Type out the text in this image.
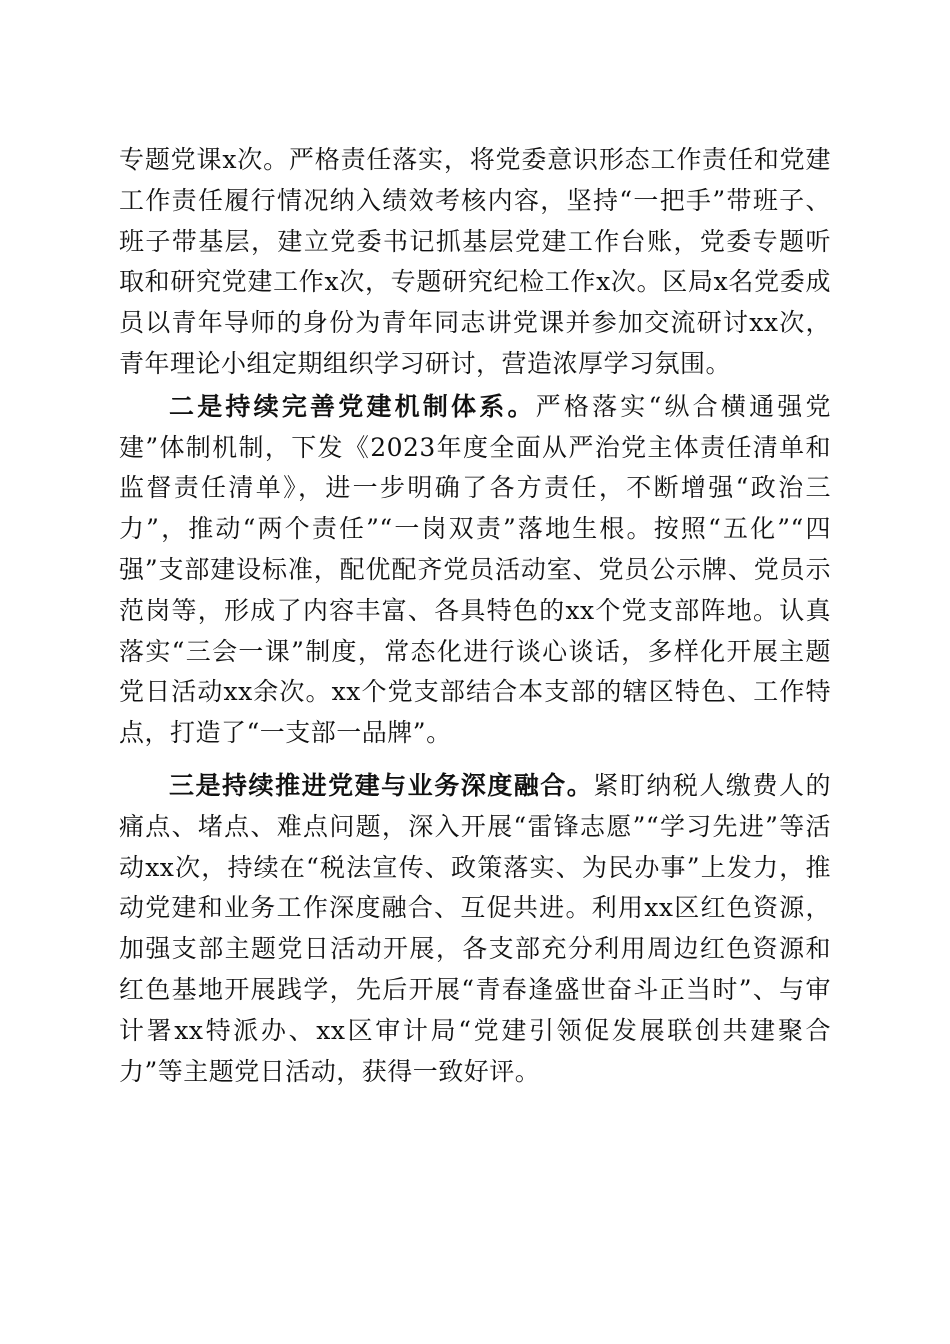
专题党课x次。严格责任落实，将党委意识形态工作责任和党建工作责任履行情况纳入绩效考核内容，坚持“一把手”带班子、班子带基层，建立党委书记抓基层党建工作台账，党委专题听取和研究党建工作x次，专题研究纪检工作x次。区局x名党委成员以青年导师的身份为青年同志讲党课并参加交流研讨xx次，青年理论小组定期组织学习研讨，营造浓厚学习氛围。

二是持续完善党建机制体系。严格落实“纵合横通强党建”体制机制，下发《2023年度全面从严治党主体责任清单和监督责任清单》，进一步明确了各方责任，不断增强“政治三力”，推动“两个责任”“一岗双责”落地生根。按照“五化”“四强”支部建设标准，配优配齐党员活动室、党员公示牌、党员示范岗等，形成了内容丰富、各具特色的xx个党支部阵地。认真落实“三会一课”制度，常态化进行谈心谈话，多样化开展主题党日活动xx余次。xx个党支部结合本支部的辖区特色、工作特点，打造了“一支部一品牌”。

三是持续推进党建与业务深度融合。紧盯纳税人缴费人的痛点、堵点、难点问题，深入开展“雷锋志愿”“学习先进”等活动xx次，持续在“税法宣传、政策落实、为民办事”上发力，推动党建和业务工作深度融合、互促共进。利用xx区红色资源，加强支部主题党日活动开展，各支部充分利用周边红色资源和红色基地开展践学，先后开展“青春逢盛世奋斗正当时”、与审计署xx特派办、xx区审计局“党建引领促发展联创共建聚合力”等主题党日活动，获得一致好评。
